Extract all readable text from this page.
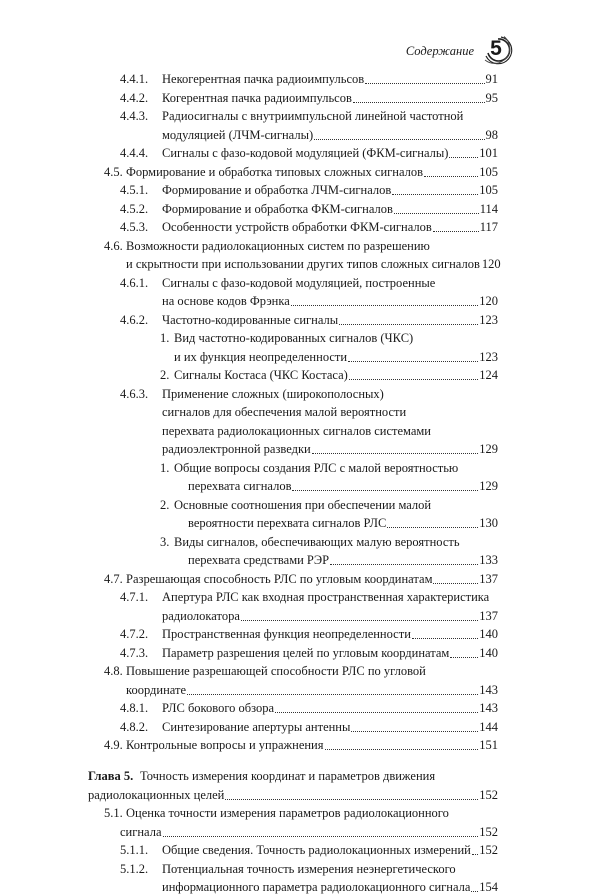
Содержание 5
4.4.1.	Некогерентная пачка радиоимпульсов	91
4.4.2.	Когерентная пачка радиоимпульсов	95
4.4.3.	Радиосигналы с внутриимпульсной линейной частотной
модуляцией (ЛЧМ-сигналы)	98
4.4.4.	Сигналы с фазо-кодовой модуляцией (ФКМ-сигналы) 101
4.5. Формирование и обработка типовых сложных сигналов	105
4.5.1.	Формирование и обработка ЛЧМ-сигналов	105
4.5.2.	Формирование и обработка ФКМ-сигналов	114
4.5.3.	Особенности устройств обработки ФКМ-сигналов	117
4.6. Возможности радиолокационных систем по разрешению
и скрытности при использовании других типов сложных сигналов 120
4.6.1.	Сигналы с фазо-кодовой модуляцией, построенные
на основе кодов Фрэнка	120
4.6.2.	Частотно-кодированные сигналы	123
1. Вид частотно-кодированных сигналов (ЧКС)
и их функция неопределенности	123
2. Сигналы Костаса (ЧКС Костаса)	124
4.6.3.	Применение сложных (широкополосных)
сигналов для обеспечения малой вероятности
перехвата радиолокационных сигналов системами
радиоэлектронной разведки	129
1. Общие вопросы создания РЛС с малой вероятностью
перехвата сигналов	129
2. Основные соотношения при обеспечении малой
вероятности перехвата сигналов РЛС	130
3. Виды сигналов, обеспечивающих малую вероятность
перехвата средствами РЭР	133
4.7. Разрешающая способность РЛС по угловым координатам	137
4.7.1.	Апертура РЛС как входная пространственная характеристика
радиолокатора	137
4.7.2.	Пространственная функция неопределенности	140
4.7.3.	Параметр разрешения целей по угловым координатам 140
4.8. Повышение разрешающей способности РЛС по угловой
координате	143
4.8.1.	РЛС бокового обзора	143
4.8.2.	Синтезирование апертуры антенны	144
4.9. Контрольные вопросы и упражнения	151
Глава 5. Точность измерения координат и параметров движения
радиолокационных целей	152
5.1. Оценка точности измерения параметров радиолокационного
сигнала	152
5.1.1.	Общие сведения. Точность радиолокационных измерений 152
5.1.2.	Потенциальная точность измерения неэнергетического
информационного параметра радиолокационного сигнала 154
